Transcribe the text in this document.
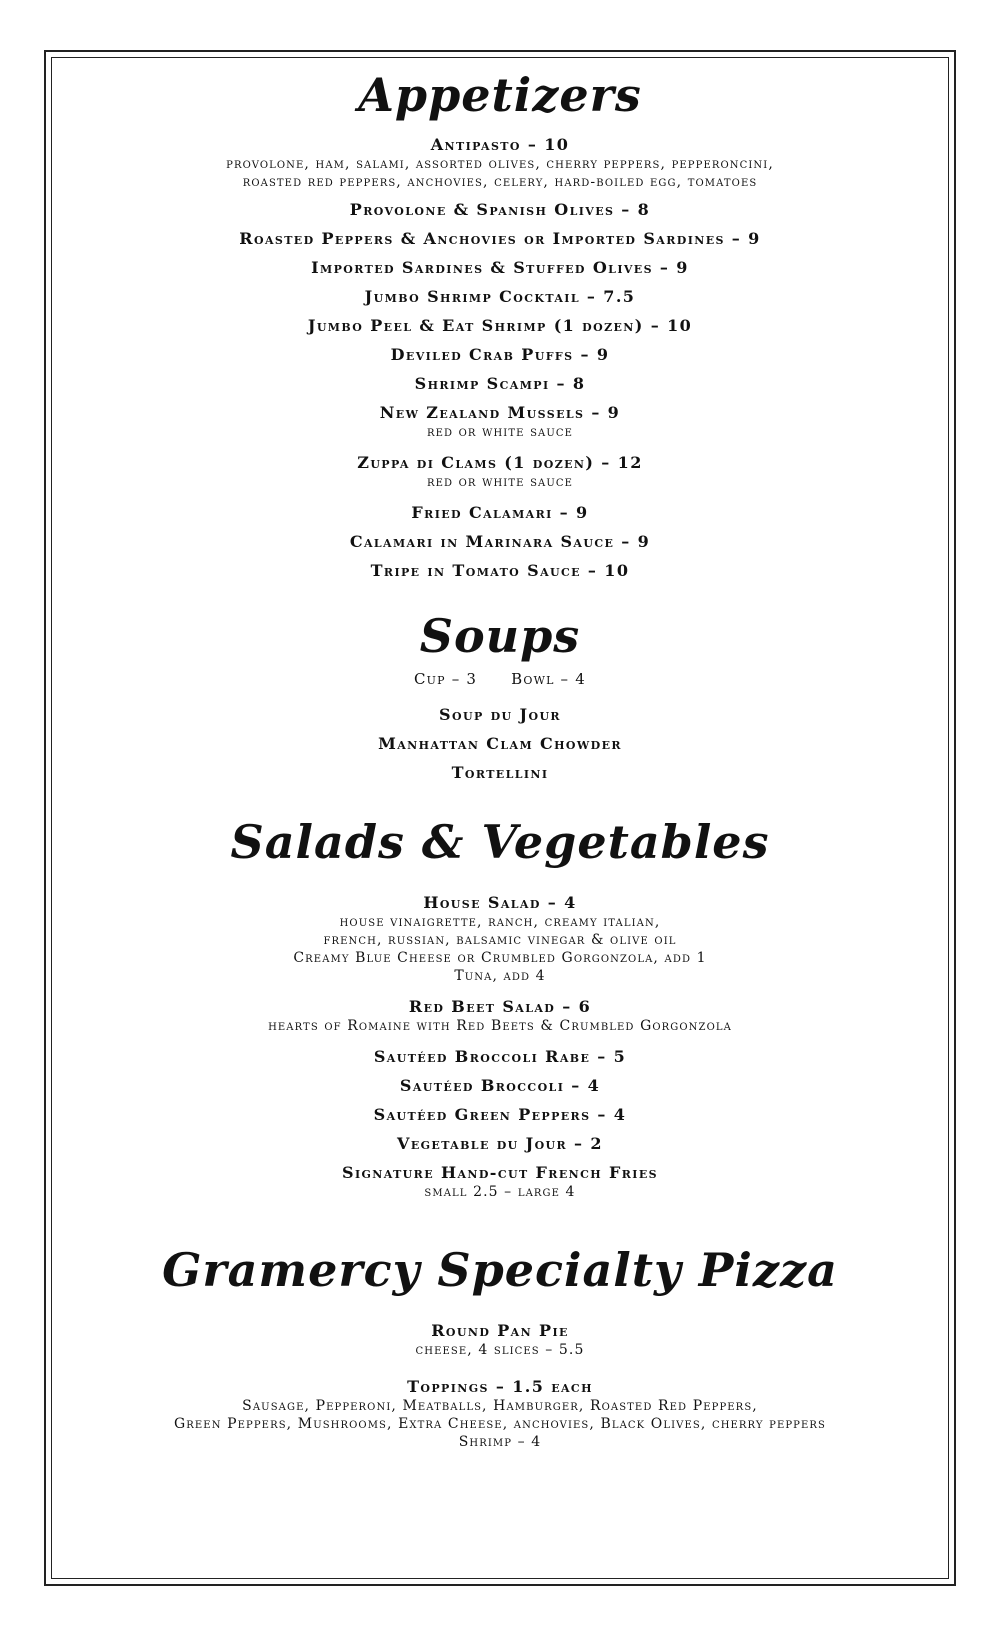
Appetizers
Antipasto – 10
provolone, ham, salami, assorted olives, cherry peppers, pepperoncini,
roasted red peppers, anchovies, celery, hard-boiled egg, tomatoes
Provolone & Spanish Olives – 8
Roasted Peppers & Anchovies or Imported Sardines – 9
Imported Sardines & Stuffed Olives – 9
Jumbo Shrimp Cocktail – 7.5
Jumbo Peel & Eat Shrimp (1 dozen) – 10
Deviled Crab Puffs – 9
Shrimp Scampi – 8
New Zealand Mussels – 9
red or white sauce
Zuppa di Clams (1 dozen) – 12
red or white sauce
Fried Calamari – 9
Calamari in Marinara Sauce – 9
Tripe in Tomato Sauce – 10
Soups
Cup – 3 Bowl – 4
Soup du Jour
Manhattan Clam Chowder
Tortellini
Salads & Vegetables
House Salad – 4
house vinaigrette, ranch, creamy italian,
french, russian, balsamic vinegar & olive oil
Creamy Blue Cheese or Crumbled Gorgonzola, add 1
Tuna, add 4
Red Beet Salad – 6
hearts of Romaine with Red Beets & Crumbled Gorgonzola
Sautéed Broccoli Rabe – 5
Sautéed Broccoli – 4
Sautéed Green Peppers – 4
Vegetable du Jour – 2
Signature Hand-cut French Fries
small 2.5 – large 4
Gramercy Specialty Pizza
Round Pan Pie
cheese, 4 slices – 5.5
Toppings – 1.5 each
Sausage, Pepperoni, Meatballs, Hamburger, Roasted Red Peppers,
Green Peppers, Mushrooms, Extra Cheese, anchovies, Black Olives, cherry peppers
Shrimp – 4
